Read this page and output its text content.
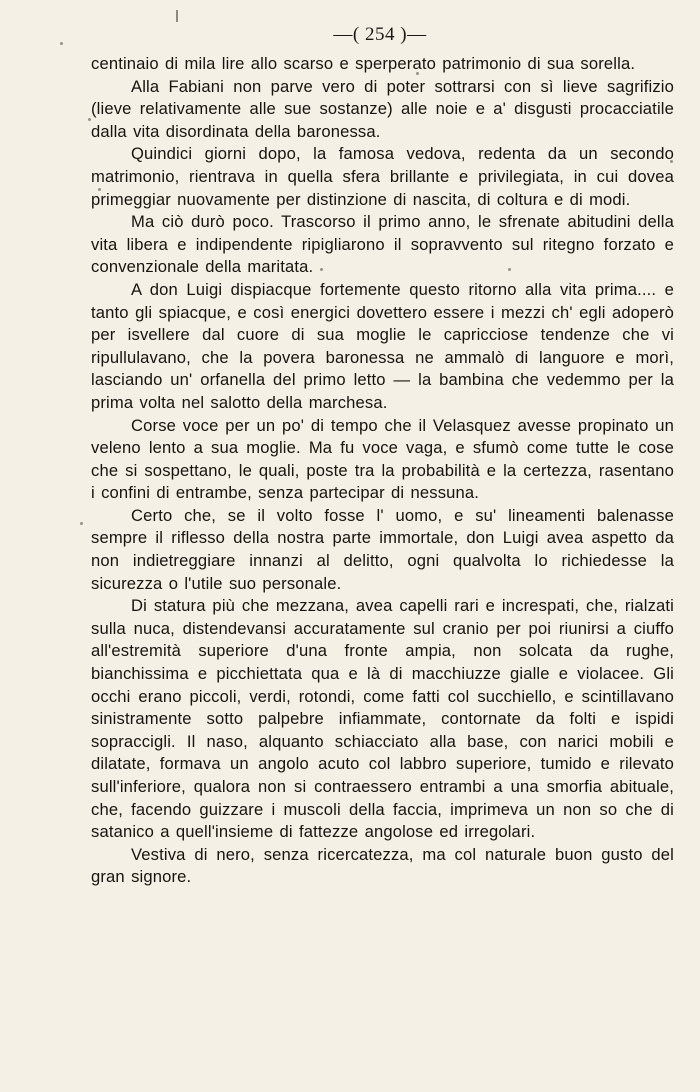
—( 254 )—

centinaio di mila lire allo scarso e sperperato patrimonio di sua sorella.

Alla Fabiani non parve vero di poter sottrarsi con sì lieve sagrifizio (lieve relativamente alle sue sostanze) alle noie e a' disgusti procacciatile dalla vita disordinata della baronessa.

Quindici giorni dopo, la famosa vedova, redenta da un secondo matrimonio, rientrava in quella sfera brillante e privilegiata, in cui dovea primeggiar nuovamente per distinzione di nascita, di coltura e di modi.

Ma ciò durò poco. Trascorso il primo anno, le sfrenate abitudini della vita libera e indipendente ripigliarono il sopravvento sul ritegno forzato e convenzionale della maritata.

A don Luigi dispiacque fortemente questo ritorno alla vita prima.... e tanto gli spiacque, e così energici dovettero essere i mezzi ch' egli adoperò per isvellere dal cuore di sua moglie le capricciose tendenze che vi ripullulavano, che la povera baronessa ne ammalò di languore e morì, lasciando un' orfanella del primo letto — la bambina che vedemmo per la prima volta nel salotto della marchesa.

Corse voce per un po' di tempo che il Velasquez avesse propinato un veleno lento a sua moglie. Ma fu voce vaga, e sfumò come tutte le cose che si sospettano, le quali, poste tra la probabilità e la certezza, rasentano i confini di entrambe, senza partecipar di nessuna.

Certo che, se il volto fosse l' uomo, e su' lineamenti balenasse sempre il riflesso della nostra parte immortale, don Luigi avea aspetto da non indietreggiare innanzi al delitto, ogni qualvolta lo richiedesse la sicurezza o l'utile suo personale.

Di statura più che mezzana, avea capelli rari e increspati, che, rialzati sulla nuca, distendevansi accuratamente sul cranio per poi riunirsi a ciuffo all'estremità superiore d'una fronte ampia, non solcata da rughe, bianchissima e picchiettata qua e là di macchiuzze gialle e violacee. Gli occhi erano piccoli, verdi, rotondi, come fatti col succhiello, e scintillavano sinistramente sotto palpebre infiammate, contornate da folti e ispidi sopraccigli. Il naso, alquanto schiacciato alla base, con narici mobili e dilatate, formava un angolo acuto col labbro superiore, tumido e rilevato sull'inferiore, qualora non si contraessero entrambi a una smorfia abituale, che, facendo guizzare i muscoli della faccia, imprimeva un non so che di satanico a quell'insieme di fattezze angolose ed irregolari.

Vestiva di nero, senza ricercatezza, ma col naturale buon gusto del gran signore.
